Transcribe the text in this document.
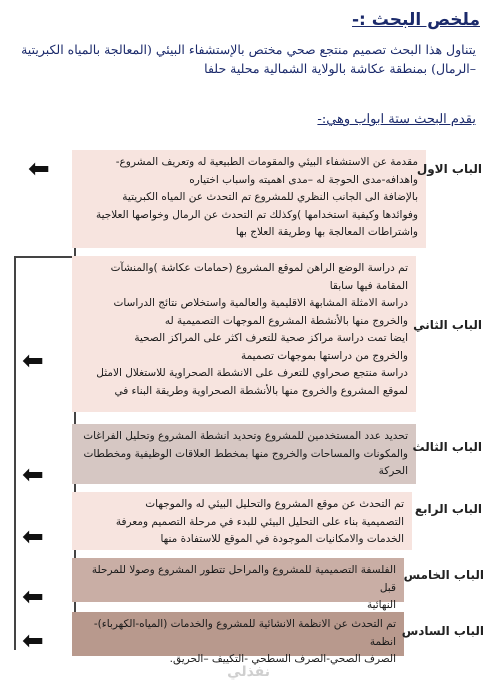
ملخص البحث :-
يتناول هذا البحث تصميم منتجع صحي مختص بالإستشفاء البيئي (المعالجة بالمياه الكبريتية –الرمال) بمنطقة عكاشة بالولاية الشمالية محلية حلفا
يقدم البحث ستة ابواب وهي:-

مقدمة عن الاستشفاء البيئي والمقومات الطبيعية له وتعريف المشروع-

واهدافه-مدى الحوجة له –مدى اهميته واسباب اختياره

بالإضافة الى الجانب النظري للمشروع تم التحدث عن المياه الكبريتية

وفوائدها وكيفية استخدامها )وكذلك تم التحدث عن الرمال وخواصها العلاجية

واشتراطات المعالجة بها وطريقة العلاج بها

الباب الاول
⬅

تم دراسة الوضع الراهن لموقع المشروع (حمامات عكاشة )والمنشآت

المقامة فيها سابقا

دراسة الامثلة المشابهة الاقليمية والعالمية واستخلاص نتائج الدراسات

والخروج منها بالأنشطة المشروع الموجهات التصميمية له

ايضا تمت دراسة مراكز صحية للتعرف اكثر على المراكز الصحية

والخروج من دراستها بموجهات تصميمة

دراسة منتجع صحراوي للتعرف على الانشطة الصحراوية للاستغلال الامثل

لموقع المشروع والخروج منها بالأنشطة الصحراوية وطريقة البناء في

الباب الثاني
⬅

تحديد عدد المستخدمين للمشروع وتحديد انشطة المشروع وتحليل الفراغات

والمكونات والمساحات والخروج منها بمخطط العلاقات الوظيفية ومخططات

الحركة

الباب الثالث
⬅

تم التحدث عن موقع المشروع والتحليل البيئي له والموجهات

التصميمية بناء على التحليل البيئي للبدء في مرحلة التصميم ومعرفة

الخدمات والامكانيات الموجودة في الموقع للاستفادة منها

الباب الرابع
⬅

الفلسفة التصميمية للمشروع والمراحل تتطور المشروع وصولا للمرحلة قبل

النهائية

الباب الخامس
⬅

تم التحدث عن الانظمة الانشائية للمشروع والخدمات (المياه-الكهرباء)-انظمة

الصرف الصحي-الصرف السطحي -التكييف –الحريق.

الباب السادس
⬅
نفذلي
